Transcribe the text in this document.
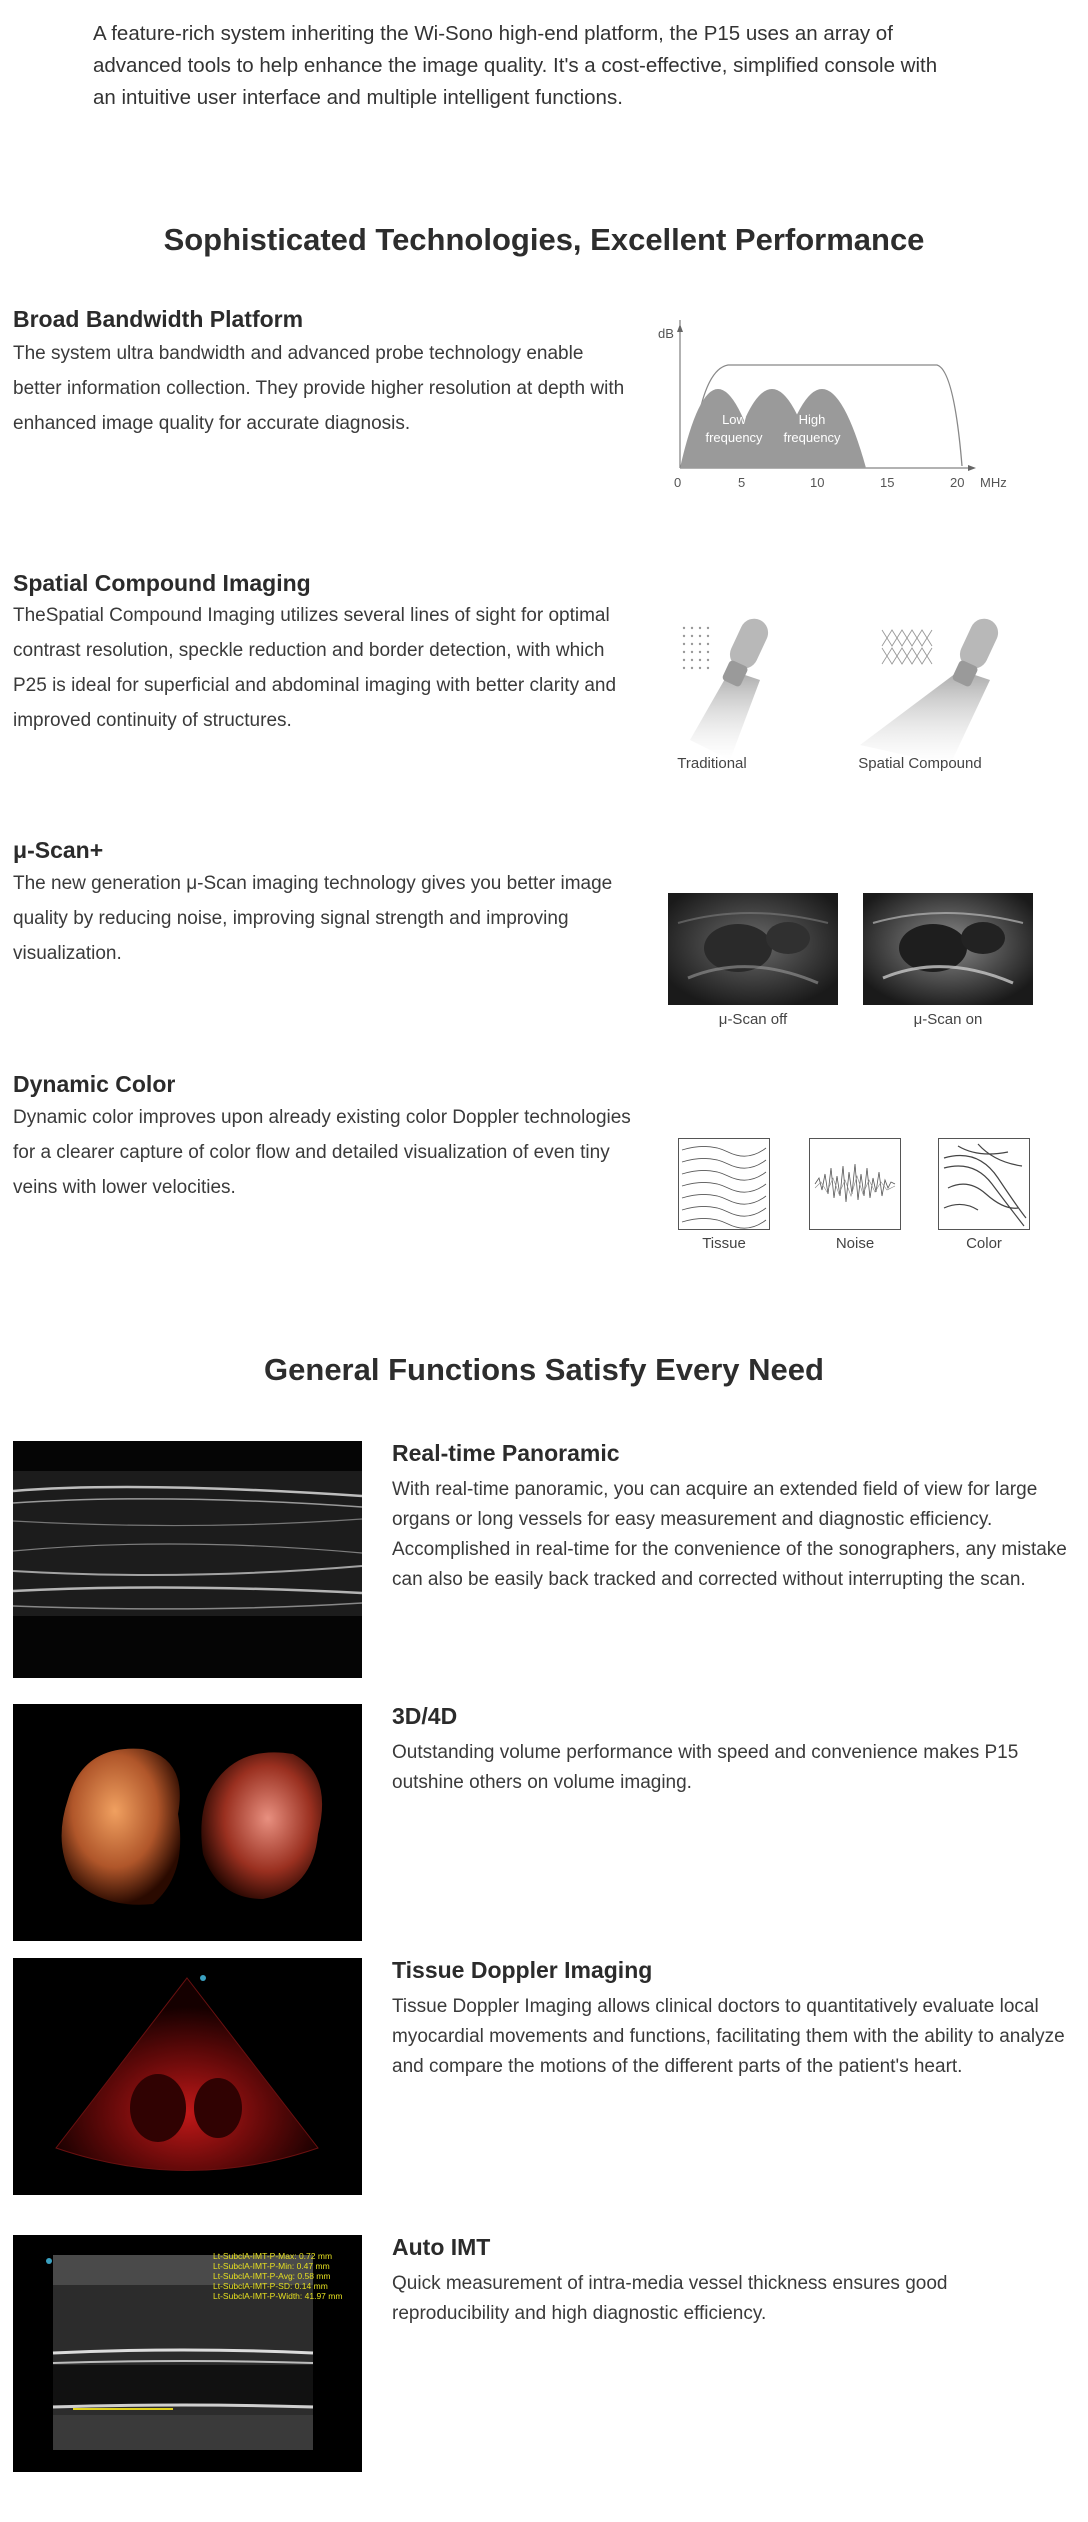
A feature-rich system inheriting the Wi-Sono high-end platform, the P15 uses an array of advanced tools to help enhance the image quality. It's a cost-effective, simplified console with an intuitive user interface and multiple intelligent functions.
Sophisticated Technologies, Excellent Performance
Broad Bandwidth Platform
The system ultra bandwidth and advanced probe technology enable better information collection. They provide higher resolution at depth with enhanced image quality for accurate diagnosis.
dB
Low
frequency
High
frequency
Extra high
frequency
0	5	10	15	20 MHz
Spatial Compound Imaging
TheSpatial Compound Imaging utilizes several lines of sight for optimal contrast resolution, speckle reduction and border detection, with which P25 is ideal for superficial and abdominal imaging with better clarity and improved continuity of structures.
Traditional	Spatial Compound
μ-Scan+
The new generation μ-Scan imaging technology gives you better image quality by reducing noise, improving signal strength and improving visualization.
μ-Scan off	μ-Scan on
Dynamic Color
Dynamic color improves upon already existing color Doppler technologies for a clearer capture of color flow and detailed visualization of even tiny veins with lower velocities.
Tissue	Noise	Color
General Functions Satisfy Every Need
Real-time Panoramic
With real-time panoramic, you can acquire an extended field of view for large organs or long vessels for easy measurement and diagnostic efficiency. Accomplished in real-time for the convenience of the sonographers, any mistake can also be easily back tracked and corrected without interrupting the scan.
3D/4D
Outstanding volume performance with speed and convenience makes P15 outshine others on volume imaging.
Tissue Doppler Imaging
Tissue Doppler Imaging allows clinical doctors to quantitatively evaluate local myocardial movements and functions, facilitating them with the ability to analyze and compare the motions of the different parts of the patient's heart.
Lt-SubclA-IMT-P-Max: 0.72 mm
Lt-SubclA-IMT-P-Min: 0.47 mm
Lt-SubclA-IMT-P-Avg: 0.58 mm
Lt-SubclA-IMT-P-SD: 0.14 mm
Lt-SubclA-IMT-P-Width: 41.97 mm
Auto IMT
Quick measurement of intra-media vessel thickness ensures good reproducibility and high diagnostic efficiency.
